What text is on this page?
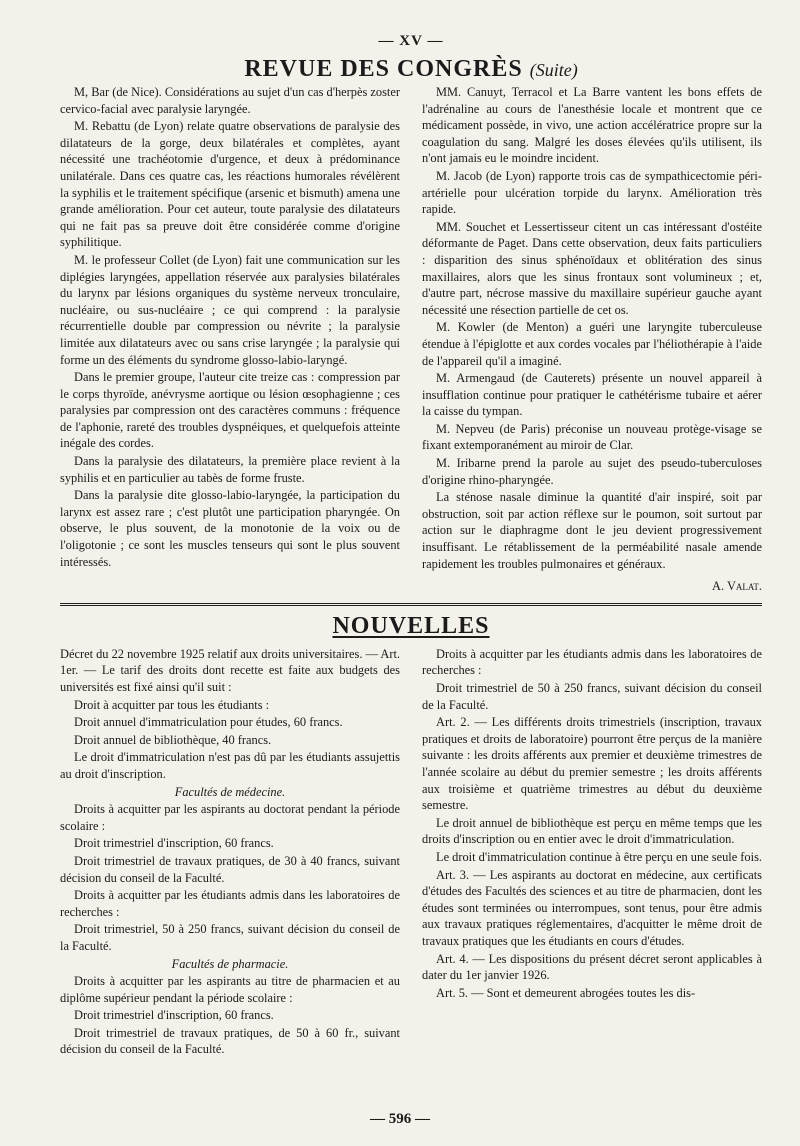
— XV —
REVUE DES CONGRÈS (Suite)

M, Bar (de Nice). Considérations au sujet d'un cas d'herpès zoster cervico-facial avec paralysie laryngée.

M. Rebattu (de Lyon) relate quatre observations de paralysie des dilatateurs de la gorge, deux bilatérales et complètes, ayant nécessité une trachéotomie d'urgence, et deux à prédominance unilatérale. Dans ces quatre cas, les réactions humorales révélèrent la syphilis et le traitement spécifique (arsenic et bismuth) amena une grande amélioration. Pour cet auteur, toute paralysie des dilatateurs qui ne fait pas sa preuve doit être considérée comme d'origine syphilitique.

M. le professeur Collet (de Lyon) fait une communication sur les diplégies laryngées, appellation réservée aux paralysies bilatérales du larynx par lésions organiques du système nerveux tronculaire, nucléaire, ou sus-nucléaire ; ce qui comprend : la paralysie récurrentielle double par compression ou névrite ; la paralysie limitée aux dilatateurs avec ou sans crise laryngée ; la paralysie qui forme un des éléments du syndrome glosso-labio-laryngé.

Dans le premier groupe, l'auteur cite treize cas : compression par le corps thyroïde, anévrysme aortique ou lésion œsophagienne ; ces paralysies par compression ont des caractères communs : fréquence de l'aphonie, rareté des troubles dyspnéiques, et quelquefois atteinte inégale des cordes.

Dans la paralysie des dilatateurs, la première place revient à la syphilis et en particulier au tabès de forme fruste.

Dans la paralysie dite glosso-labio-laryngée, la participation du larynx est assez rare ; c'est plutôt une participation pharyngée. On observe, le plus souvent, de la monotonie de la voix ou de l'oligotonie ; ce sont les muscles tenseurs qui sont le plus souvent intéressés.

MM. Canuyt, Terracol et La Barre vantent les bons effets de l'adrénaline au cours de l'anesthésie locale et montrent que ce médicament possède, in vivo, une action accélératrice propre sur la coagulation du sang. Malgré les doses élevées qu'ils utilisent, ils n'ont jamais eu le moindre incident.

M. Jacob (de Lyon) rapporte trois cas de sympathicectomie péri-artérielle pour ulcération torpide du larynx. Amélioration très rapide.

MM. Souchet et Lessertisseur citent un cas intéressant d'ostéite déformante de Paget. Dans cette observation, deux faits particuliers : disparition des sinus sphénoïdaux et oblitération des sinus maxillaires, alors que les sinus frontaux sont volumineux ; et, d'autre part, nécrose massive du maxillaire supérieur gauche ayant nécessité une résection partielle de cet os.

M. Kowler (de Menton) a guéri une laryngite tuberculeuse étendue à l'épiglotte et aux cordes vocales par l'héliothérapie à l'aide de l'appareil qu'il a imaginé.

M. Armengaud (de Cauterets) présente un nouvel appareil à insufflation continue pour pratiquer le cathétérisme tubaire et aérer la caisse du tympan.

M. Nepveu (de Paris) préconise un nouveau protège-visage se fixant extemporanément au miroir de Clar.

M. Iribarne prend la parole au sujet des pseudo-tuberculoses d'origine rhino-pharyngée.

La sténose nasale diminue la quantité d'air inspiré, soit par obstruction, soit par action réflexe sur le poumon, soit surtout par action sur le diaphragme dont le jeu devient progressivement insuffisant. Le rétablissement de la perméabilité nasale amende rapidement les troubles pulmonaires et généraux.

A. Valat.
NOUVELLES

Décret du 22 novembre 1925 relatif aux droits universitaires. — Art. 1er. — Le tarif des droits dont recette est faite aux budgets des universités est fixé ainsi qu'il suit :

Droit à acquitter par tous les étudiants :

Droit annuel d'immatriculation pour études, 60 francs.

Droit annuel de bibliothèque, 40 francs.

Le droit d'immatriculation n'est pas dû par les étudiants assujettis au droit d'inscription.

Facultés de médecine.

Droits à acquitter par les aspirants au doctorat pendant la période scolaire :

Droit trimestriel d'inscription, 60 francs.

Droit trimestriel de travaux pratiques, de 30 à 40 francs, suivant décision du conseil de la Faculté.

Droits à acquitter par les étudiants admis dans les laboratoires de recherches :

Droit trimestriel, 50 à 250 francs, suivant décision du conseil de la Faculté.

Facultés de pharmacie.

Droits à acquitter par les aspirants au titre de pharmacien et au diplôme supérieur pendant la période scolaire :

Droit trimestriel d'inscription, 60 francs.

Droit trimestriel de travaux pratiques, de 50 à 60 fr., suivant décision du conseil de la Faculté.

Droits à acquitter par les étudiants admis dans les laboratoires de recherches :

Droit trimestriel de 50 à 250 francs, suivant décision du conseil de la Faculté.

Art. 2. — Les différents droits trimestriels (inscription, travaux pratiques et droits de laboratoire) pourront être perçus de la manière suivante : les droits afférents aux premier et deuxième trimestres de l'année scolaire au début du premier semestre ; les droits afférents aux troisième et quatrième trimestres au début du deuxième semestre.

Le droit annuel de bibliothèque est perçu en même temps que les droits d'inscription ou en entier avec le droit d'immatriculation.

Le droit d'immatriculation continue à être perçu en une seule fois.

Art. 3. — Les aspirants au doctorat en médecine, aux certificats d'études des Facultés des sciences et au titre de pharmacien, dont les études sont terminées ou interrompues, sont tenus, pour être admis aux travaux pratiques réglementaires, d'acquitter le même droit de travaux pratiques que les étudiants en cours d'études.

Art. 4. — Les dispositions du présent décret seront applicables à dater du 1er janvier 1926.

Art. 5. — Sont et demeurent abrogées toutes les dis-

— 596 —
